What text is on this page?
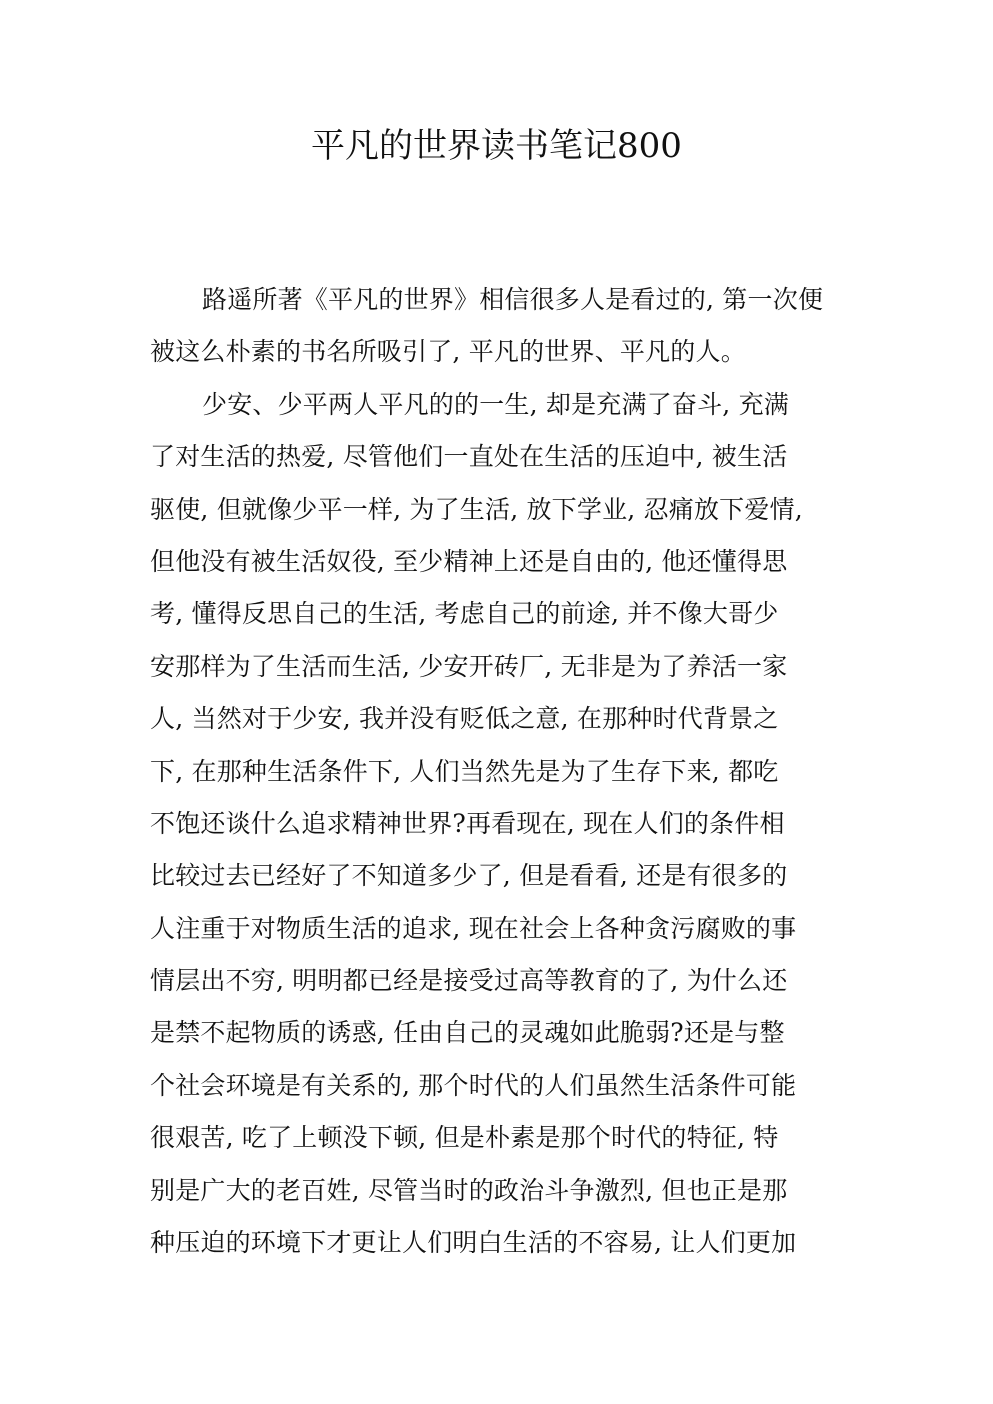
平凡的世界读书笔记800
路遥所著《平凡的世界》相信很多人是看过的, 第一次便
被这么朴素的书名所吸引了, 平凡的世界、平凡的人。
少安、少平两人平凡的的一生, 却是充满了奋斗, 充满
了对生活的热爱, 尽管他们一直处在生活的压迫中, 被生活
驱使, 但就像少平一样, 为了生活, 放下学业, 忍痛放下爱情,
但他没有被生活奴役, 至少精神上还是自由的, 他还懂得思
考, 懂得反思自己的生活, 考虑自己的前途, 并不像大哥少
安那样为了生活而生活, 少安开砖厂, 无非是为了养活一家
人, 当然对于少安, 我并没有贬低之意, 在那种时代背景之
下, 在那种生活条件下, 人们当然先是为了生存下来, 都吃
不饱还谈什么追求精神世界?再看现在, 现在人们的条件相
比较过去已经好了不知道多少了, 但是看看, 还是有很多的
人注重于对物质生活的追求, 现在社会上各种贪污腐败的事
情层出不穷, 明明都已经是接受过高等教育的了, 为什么还
是禁不起物质的诱惑, 任由自己的灵魂如此脆弱?还是与整
个社会环境是有关系的, 那个时代的人们虽然生活条件可能
很艰苦, 吃了上顿没下顿, 但是朴素是那个时代的特征, 特
别是广大的老百姓, 尽管当时的政治斗争激烈, 但也正是那
种压迫的环境下才更让人们明白生活的不容易, 让人们更加
